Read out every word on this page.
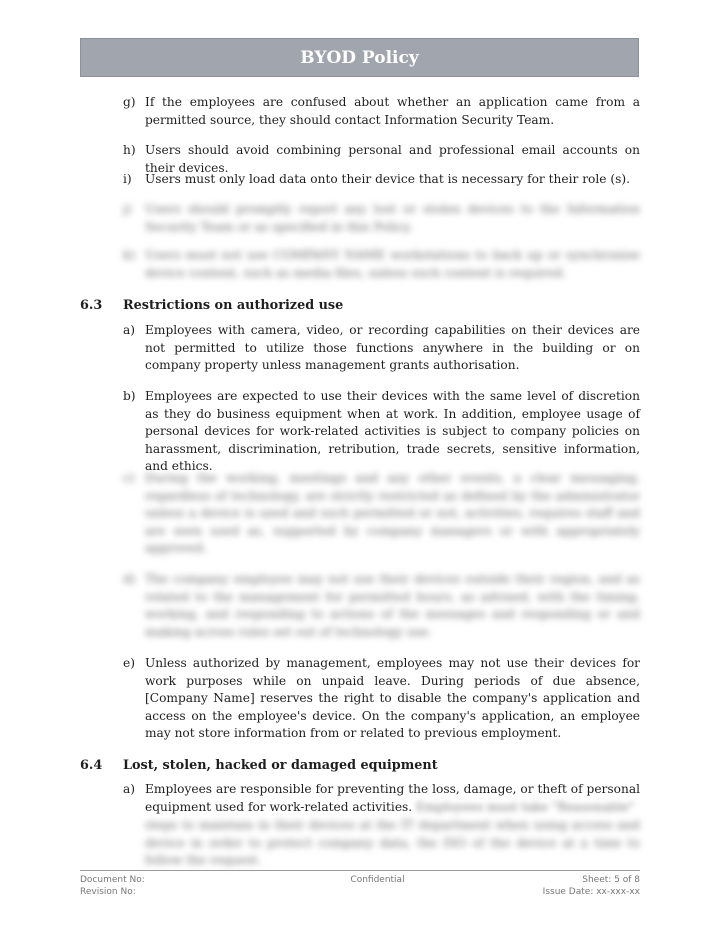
BYOD Policy
g) If the employees are confused about whether an application came from a permitted source, they should contact Information Security Team.
h) Users should avoid combining personal and professional email accounts on their devices.
i) Users must only load data onto their device that is necessary for their role (s).
j) Users should promptly report any lost or stolen devices to the Information Security Team or as specified in this Policy.
k) Users must not use COMPANY NAME workstations to back up or synchronise device content, such as media files, unless such content is required.
6.3 Restrictions on authorized use
a) Employees with camera, video, or recording capabilities on their devices are not permitted to utilize those functions anywhere in the building or on company property unless management grants authorisation.
b) Employees are expected to use their devices with the same level of discretion as they do business equipment when at work. In addition, employee usage of personal devices for work-related activities is subject to company policies on harassment, discrimination, retribution, trade secrets, sensitive information, and ethics.
c) During the working, meetings and any other events, a clear messaging, regardless of technology, are strictly restricted as defined by the administrator unless a device is used and such permitted or not, activities, requires staff and are seen used as, supported by company managers or with appropriately approved.
d) The company employee may not use their devices outside their region, and as related to the management for permitted hours, as advised, with the timing, working, and responding to actions of the messages and responding or and making across rules set out of technology use.
e) Unless authorized by management, employees may not use their devices for work purposes while on unpaid leave. During periods of due absence, [Company Name] reserves the right to disable the company's application and access on the employee's device. On the company's application, an employee may not store information from or related to previous employment.
6.4 Lost, stolen, hacked or damaged equipment
a) Employees are responsible for preventing the loss, damage, or theft of personal
equipment used for work-related activities. Employees must take "Reasonable"
steps to maintain in their devices at the IT department when using access and device in order to protect company data, the ISO of the device at a time to follow the request.
Document No:
Revision No:
Confidential	Sheet: 5 of 8
Issue Date: xx-xxx-xx
